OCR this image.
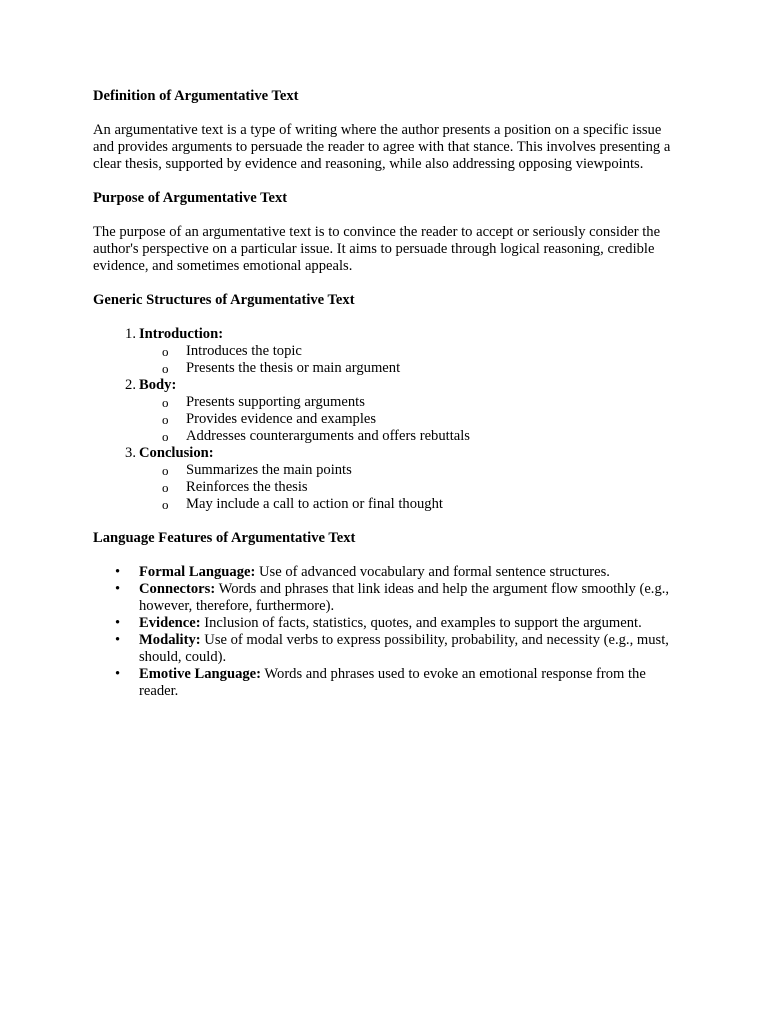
Definition of Argumentative Text

An argumentative text is a type of writing where the author presents a position on a specific issue and provides arguments to persuade the reader to agree with that stance. This involves presenting a clear thesis, supported by evidence and reasoning, while also addressing opposing viewpoints.

Purpose of Argumentative Text

The purpose of an argumentative text is to convince the reader to accept or seriously consider the author's perspective on a particular issue. It aims to persuade through logical reasoning, credible evidence, and sometimes emotional appeals.

Generic Structures of Argumentative Text
1. Introduction:
o Introduces the topic
o Presents the thesis or main argument
2. Body:
o Presents supporting arguments
o Provides evidence and examples
o Addresses counterarguments and offers rebuttals
3. Conclusion:
o Summarizes the main points
o Reinforces the thesis
o May include a call to action or final thought
Language Features of Argumentative Text
• Formal Language: Use of advanced vocabulary and formal sentence structures.
• Connectors: Words and phrases that link ideas and help the argument flow smoothly (e.g., however, therefore, furthermore).
• Evidence: Inclusion of facts, statistics, quotes, and examples to support the argument.
• Modality: Use of modal verbs to express possibility, probability, and necessity (e.g., must, should, could).
• Emotive Language: Words and phrases used to evoke an emotional response from the reader.
